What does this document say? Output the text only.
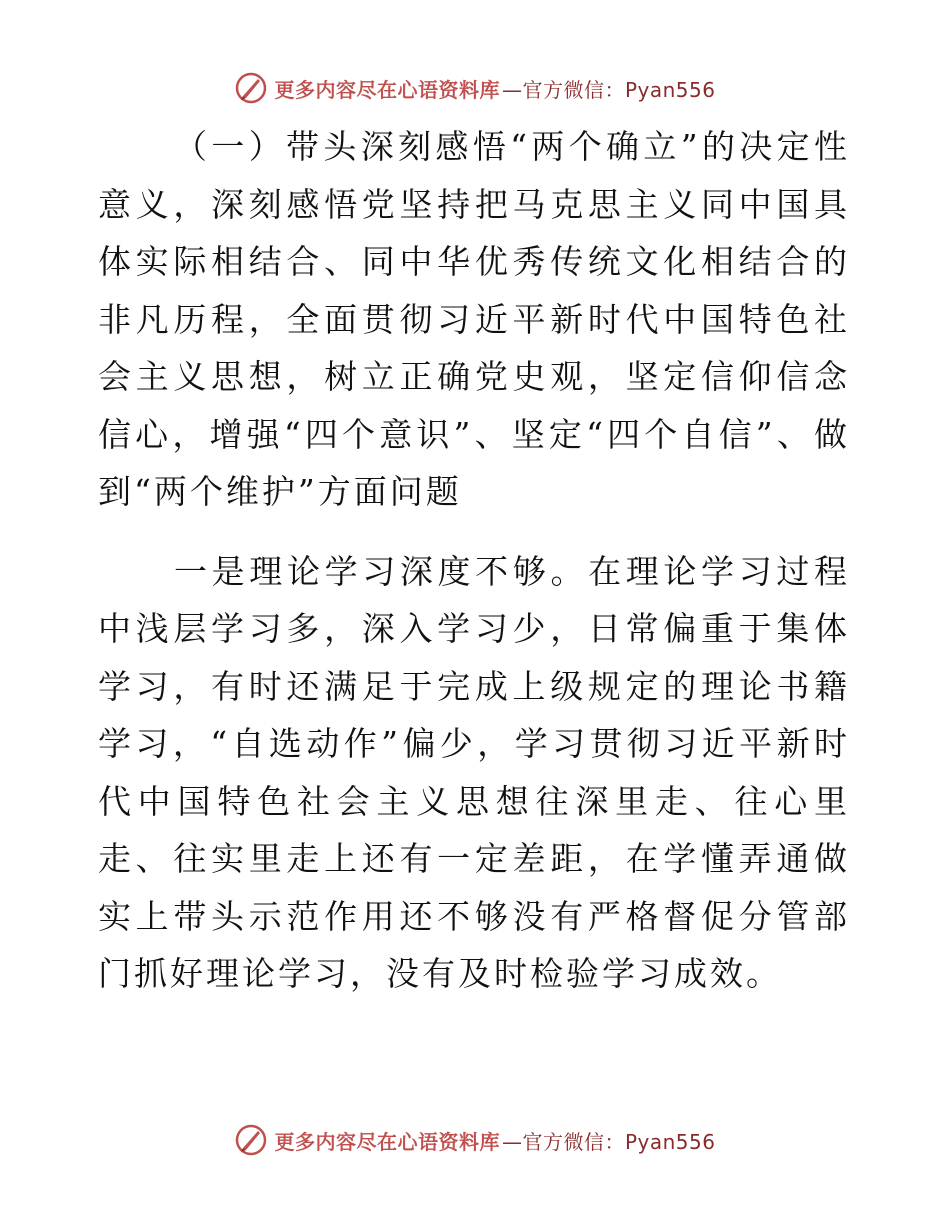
更多内容尽在心语资料库 —官方微信：Pyan556

（一）带头深刻感悟“两个确立”的决定性意义，深刻感悟党坚持把马克思主义同中国具体实际相结合、同中华优秀传统文化相结合的非凡历程，全面贯彻习近平新时代中国特色社会主义思想，树立正确党史观，坚定信仰信念信心，增强“四个意识”、坚定“四个自信”、做到“两个维护”方面问题

一是理论学习深度不够。在理论学习过程中浅层学习多，深入学习少，日常偏重于集体学习，有时还满足于完成上级规定的理论书籍学习，“自选动作”偏少，学习贯彻习近平新时代中国特色社会主义思想往深里走、往心里走、往实里走上还有一定差距，在学懂弄通做实上带头示范作用还不够没有严格督促分管部门抓好理论学习，没有及时检验学习成效。

更多内容尽在心语资料库 —官方微信：Pyan556
